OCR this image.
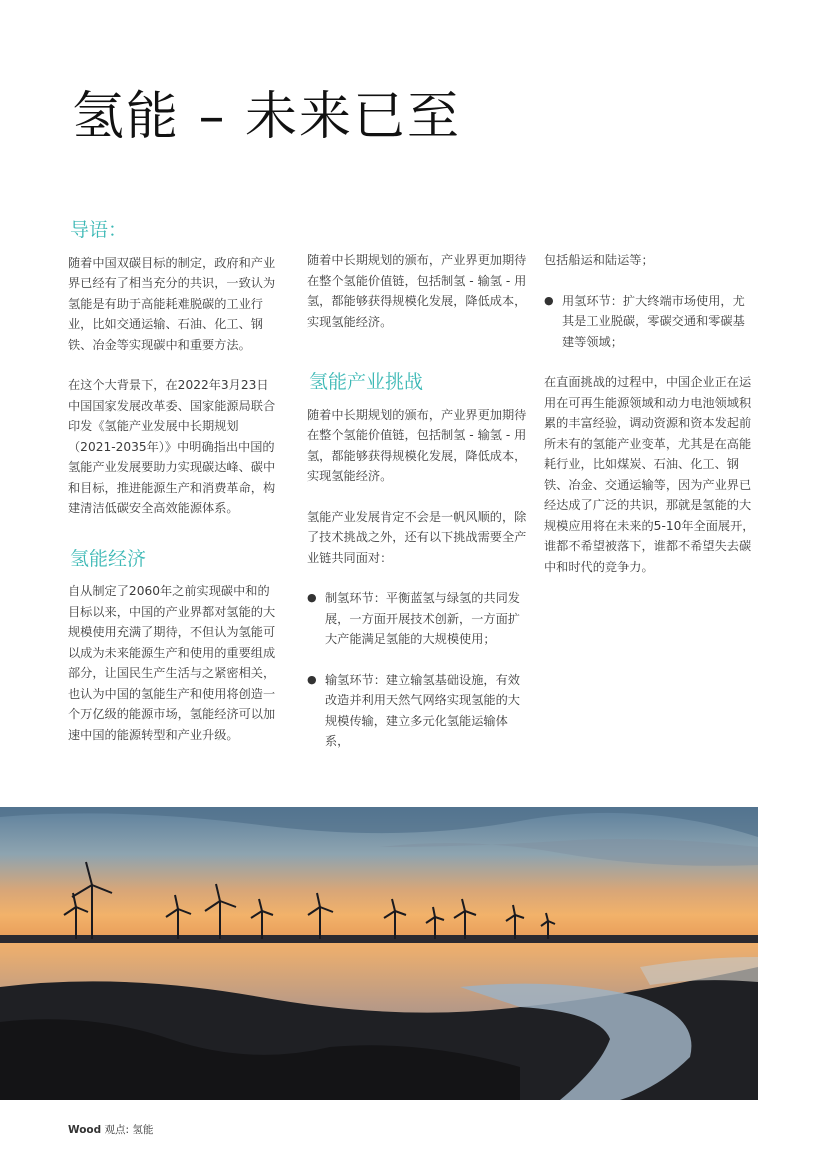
氢能 – 未来已至
导语：

随着中国双碳目标的制定，政府和产业界已经有了相当充分的共识，一致认为氢能是有助于高能耗难脱碳的工业行业，比如交通运输、石油、化工、钢铁、冶金等实现碳中和重要方法。

在这个大背景下，在2022年3月23日中国国家发展改革委、国家能源局联合印发《氢能产业发展中长期规划（2021-2035年）》中明确指出中国的氢能产业发展要助力实现碳达峰、碳中和目标，推进能源生产和消费革命，构建清洁低碳安全高效能源体系。

氢能经济

自从制定了2060年之前实现碳中和的目标以来，中国的产业界都对氢能的大规模使用充满了期待，不但认为氢能可以成为未来能源生产和使用的重要组成部分，让国民生产生活与之紧密相关，也认为中国的氢能生产和使用将创造一个万亿级的能源市场，氢能经济可以加速中国的能源转型和产业升级。

随着中长期规划的颁布，产业界更加期待在整个氢能价值链，包括制氢 - 输氢 - 用氢，都能够获得规模化发展，降低成本，实现氢能经济。

氢能产业挑战

随着中长期规划的颁布，产业界更加期待在整个氢能价值链，包括制氢 - 输氢 - 用氢，都能够获得规模化发展，降低成本，实现氢能经济。

氢能产业发展肯定不会是一帆风顺的，除了技术挑战之外，还有以下挑战需要全产业链共同面对：

● 制氢环节：平衡蓝氢与绿氢的共同发展，一方面开展技术创新，一方面扩大产能满足氢能的大规模使用；

● 输氢环节：建立输氢基础设施，有效改造并利用天然气网络实现氢能的大规模传输，建立多元化氢能运输体系，

包括船运和陆运等；

● 用氢环节：扩大终端市场使用，尤其是工业脱碳，零碳交通和零碳基建等领域；

在直面挑战的过程中，中国企业正在运用在可再生能源领域和动力电池领域积累的丰富经验，调动资源和资本发起前所未有的氢能产业变革，尤其是在高能耗行业，比如煤炭、石油、化工、钢铁、冶金、交通运输等，因为产业界已经达成了广泛的共识，那就是氢能的大规模应用将在未来的5-10年全面展开，谁都不希望被落下，谁都不希望失去碳中和时代的竞争力。

Wood 观点: 氢能
